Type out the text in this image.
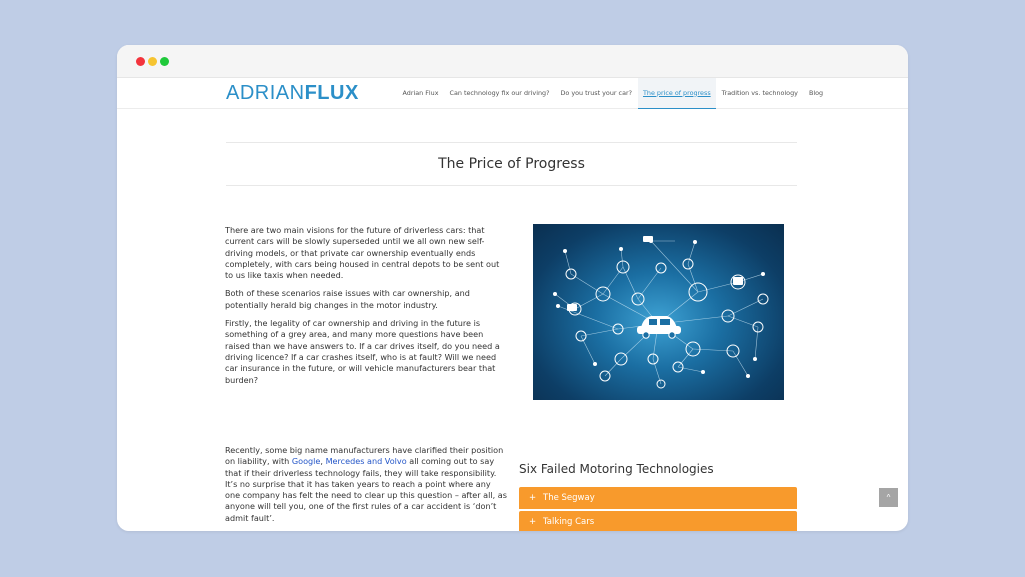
ADRIANFLUX	Adrian Flux	Can technology fix our driving?	Do you trust your car?	The price of progress	Tradition vs. technology	Blog
The Price of Progress

There are two main visions for the future of driverless cars: that current cars will be slowly superseded until we all own new self-driving models, or that private car ownership eventually ends completely, with cars being housed in central depots to be sent out to us like taxis when needed.

Both of these scenarios raise issues with car ownership, and potentially herald big changes in the motor industry.

Firstly, the legality of car ownership and driving in the future is something of a grey area, and many more questions have been raised than we have answers to. If a car drives itself, do you need a driving licence? If a car crashes itself, who is at fault? Will we need car insurance in the future, or will vehicle manufacturers bear that burden?

Recently, some big name manufacturers have clarified their position on liability, with Google, Mercedes and Volvo all coming out to say that if their driverless technology fails, they will take responsibility. It’s no surprise that it has taken years to reach a point where any one company has felt the need to clear up this question – after all, as anyone will tell you, one of the first rules of a car accident is ‘don’t admit fault’.

Six Failed Motoring Technologies
+ The Segway
+ Talking Cars
^
